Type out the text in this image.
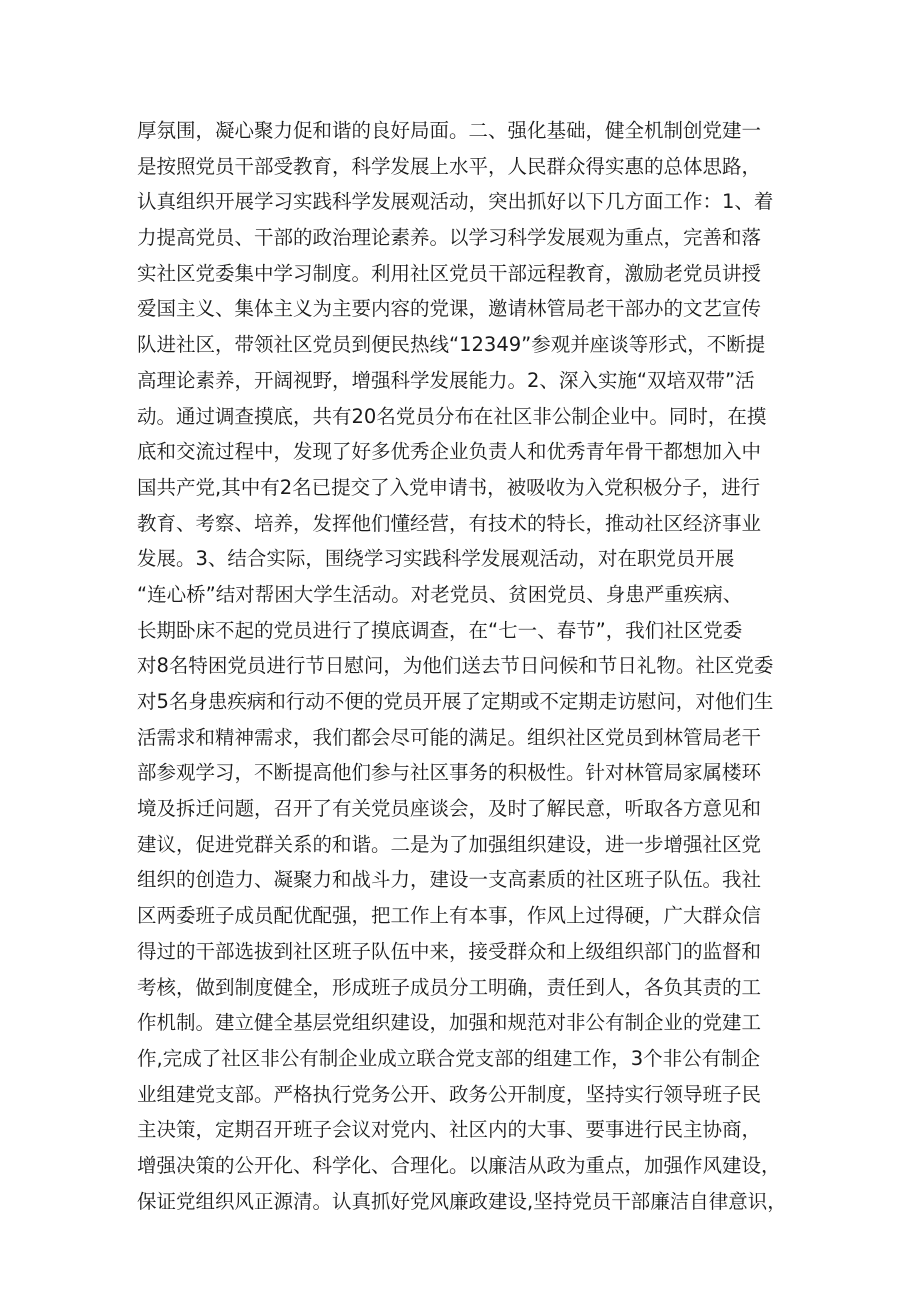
厚氛围，凝心聚力促和谐的良好局面。二、强化基础，健全机制创党建一
是按照党员干部受教育，科学发展上水平，人民群众得实惠的总体思路，
认真组织开展学习实践科学发展观活动，突出抓好以下几方面工作：1、着
力提高党员、干部的政治理论素养。以学习科学发展观为重点，完善和落
实社区党委集中学习制度。利用社区党员干部远程教育，激励老党员讲授
爱国主义、集体主义为主要内容的党课，邀请林管局老干部办的文艺宣传
队进社区，带领社区党员到便民热线“12349”参观并座谈等形式，不断提
高理论素养，开阔视野，增强科学发展能力。2、深入实施“双培双带”活
动。通过调查摸底，共有20名党员分布在社区非公制企业中。同时，在摸
底和交流过程中，发现了好多优秀企业负责人和优秀青年骨干都想加入中
国共产党,其中有2名已提交了入党申请书，被吸收为入党积极分子，进行
教育、考察、培养，发挥他们懂经营，有技术的特长，推动社区经济事业
发展。3、结合实际，围绕学习实践科学发展观活动，对在职党员开展
“连心桥”结对帮困大学生活动。对老党员、贫困党员、身患严重疾病、
长期卧床不起的党员进行了摸底调查，在“七一、春节”，我们社区党委
对8名特困党员进行节日慰问，为他们送去节日问候和节日礼物。社区党委
对5名身患疾病和行动不便的党员开展了定期或不定期走访慰问，对他们生
活需求和精神需求，我们都会尽可能的满足。组织社区党员到林管局老干
部参观学习，不断提高他们参与社区事务的积极性。针对林管局家属楼环
境及拆迁问题，召开了有关党员座谈会，及时了解民意，听取各方意见和
建议，促进党群关系的和谐。二是为了加强组织建设，进一步增强社区党
组织的创造力、凝聚力和战斗力，建设一支高素质的社区班子队伍。我社
区两委班子成员配优配强，把工作上有本事，作风上过得硬，广大群众信
得过的干部选拔到社区班子队伍中来，接受群众和上级组织部门的监督和
考核，做到制度健全，形成班子成员分工明确，责任到人，各负其责的工
作机制。建立健全基层党组织建设，加强和规范对非公有制企业的党建工
作,完成了社区非公有制企业成立联合党支部的组建工作，3个非公有制企
业组建党支部。严格执行党务公开、政务公开制度，坚持实行领导班子民
主决策，定期召开班子会议对党内、社区内的大事、要事进行民主协商，
增强决策的公开化、科学化、合理化。以廉洁从政为重点，加强作风建设，
保证党组织风正源清。认真抓好党风廉政建设,坚持党员干部廉洁自律意识，
